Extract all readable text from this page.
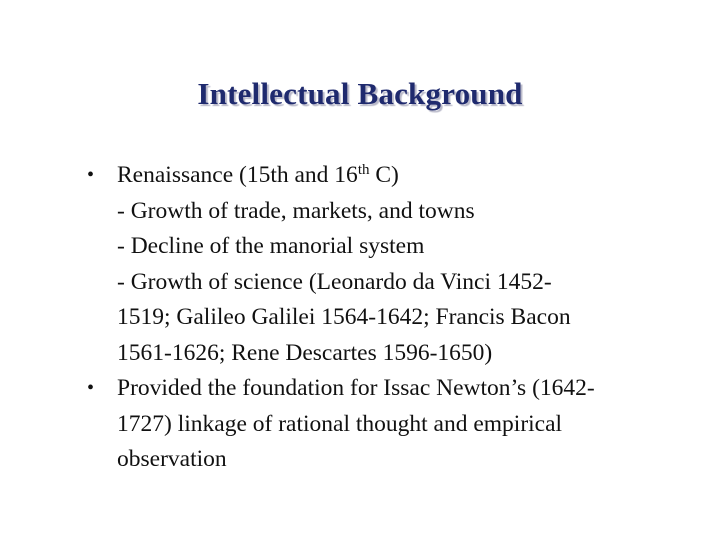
Intellectual Background
• Renaissance (15th and 16th C)
- Growth of trade, markets, and towns
- Decline of the manorial system
- Growth of science (Leonardo da Vinci 1452-
1519; Galileo Galilei 1564-1642; Francis Bacon
1561-1626; Rene Descartes 1596-1650)
• Provided the foundation for Issac Newton’s (1642-
1727) linkage of rational thought and empirical
observation
